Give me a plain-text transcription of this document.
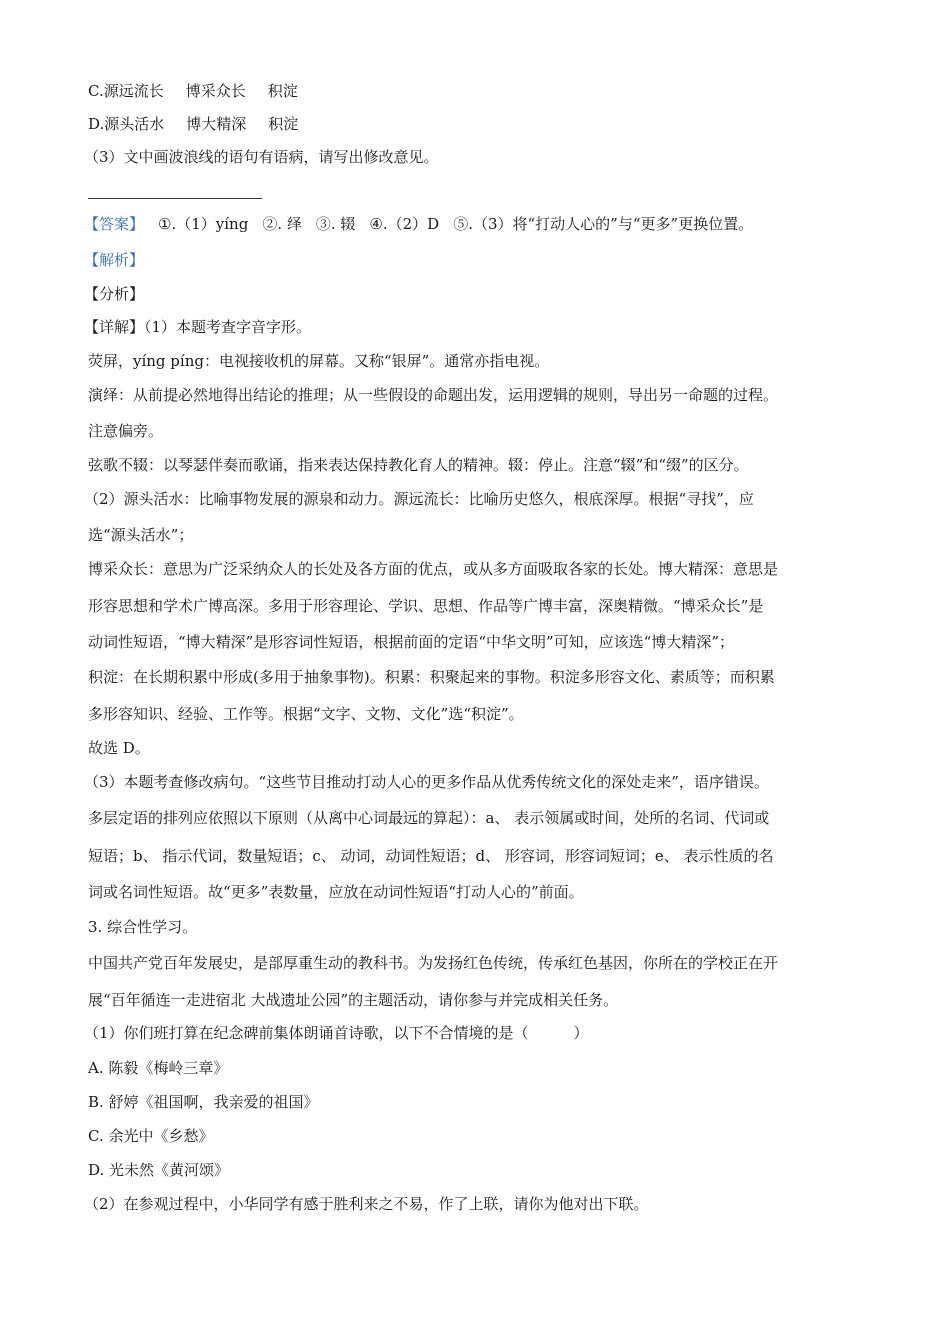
C.源远流长 博采众长 积淀
D.源头活水 博大精深 积淀
（3）文中画波浪线的语句有语病，请写出修改意见。
【答案】 ①.（1）yíng ②. 绎 ③. 辍 ④.（2）D ⑤.（3）将“打动人心的”与“更多”更换位置。
【解析】
【分析】
【详解】（1）本题考查字音字形。
荧屏，yíng píng：电视接收机的屏幕。又称“银屏”。通常亦指电视。
演绎：从前提必然地得出结论的推理；从一些假设的命题出发，运用逻辑的规则，导出另一命题的过程。
注意偏旁。
弦歌不辍：以琴瑟伴奏而歌诵，指来表达保持教化育人的精神。辍：停止。注意“辍”和“缀”的区分。
（2）源头活水：比喻事物发展的源泉和动力。源远流长：比喻历史悠久，根底深厚。根据“寻找”，应
选“源头活水”；
博采众长：意思为广泛采纳众人的长处及各方面的优点，或从多方面吸取各家的长处。博大精深：意思是
形容思想和学术广博高深。多用于形容理论、学识、思想、作品等广博丰富，深奥精微。“博采众长”是
动词性短语，“博大精深”是形容词性短语，根据前面的定语“中华文明”可知，应该选“博大精深”；
积淀：在长期积累中形成(多用于抽象事物)。积累：积聚起来的事物。积淀多形容文化、素质等；而积累
多形容知识、经验、工作等。根据“文字、文物、文化”选“积淀”。
故选 D。
（3）本题考查修改病句。“这些节目推动打动人心的更多作品从优秀传统文化的深处走来”，语序错误。
多层定语的排列应依照以下原则（从离中心词最远的算起）：a、 表示领属或时间，处所的名词、代词或
短语；b、 指示代词，数量短语；c、 动词，动词性短语；d、 形容词，形容词短词；e、 表示性质的名
词或名词性短语。故“更多”表数量，应放在动词性短语“打动人心的”前面。
3. 综合性学习。
中国共产党百年发展史，是部厚重生动的教科书。为发扬红色传统，传承红色基因，你所在的学校正在开
展“百年循连一走进宿北 大战遗址公园”的主题活动，请你参与并完成相关任务。
（1）你们班打算在纪念碑前集体朗诵首诗歌，以下不合情境的是（　　　）
A. 陈毅《梅岭三章》
B. 舒婷《祖国啊，我亲爱的祖国》
C. 余光中《乡愁》
D. 光未然《黄河颂》
（2）在参观过程中，小华同学有感于胜利来之不易，作了上联，请你为他对出下联。
